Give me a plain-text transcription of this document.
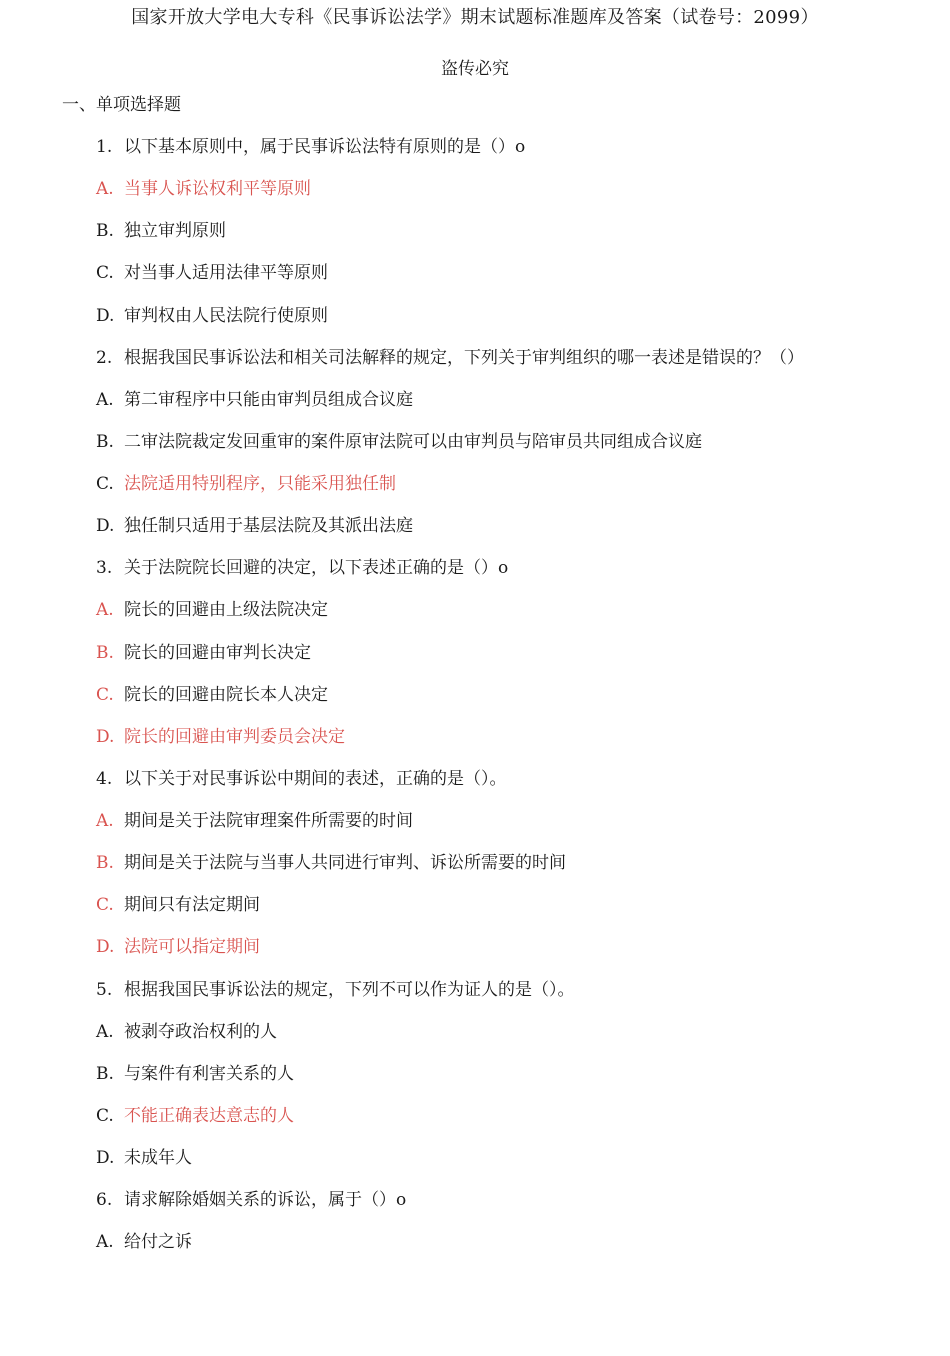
国家开放大学电大专科《民事诉讼法学》期末试题标准题库及答案（试卷号：2099）
盗传必究
一、单项选择题
1. 以下基本原则中，属于民事诉讼法特有原则的是（）o
A. 当事人诉讼权利平等原则
B. 独立审判原则
C. 对当事人适用法律平等原则
D. 审判权由人民法院行使原则
2. 根据我国民事诉讼法和相关司法解释的规定，下列关于审判组织的哪一表述是错误的？（）
A. 第二审程序中只能由审判员组成合议庭
B. 二审法院裁定发回重审的案件原审法院可以由审判员与陪审员共同组成合议庭
C. 法院适用特别程序，只能采用独任制
D. 独任制只适用于基层法院及其派出法庭
3. 关于法院院长回避的决定，以下表述正确的是（）o
A. 院长的回避由上级法院决定
B. 院长的回避由审判长决定
C. 院长的回避由院长本人决定
D. 院长的回避由审判委员会决定
4. 以下关于对民事诉讼中期间的表述，正确的是（）。
A. 期间是关于法院审理案件所需要的时间
B. 期间是关于法院与当事人共同进行审判、诉讼所需要的时间
C. 期间只有法定期间
D. 法院可以指定期间
5. 根据我国民事诉讼法的规定，下列不可以作为证人的是（）。
A. 被剥夺政治权利的人
B. 与案件有利害关系的人
C. 不能正确表达意志的人
D. 未成年人
6. 请求解除婚姻关系的诉讼，属于（）o
A. 给付之诉
